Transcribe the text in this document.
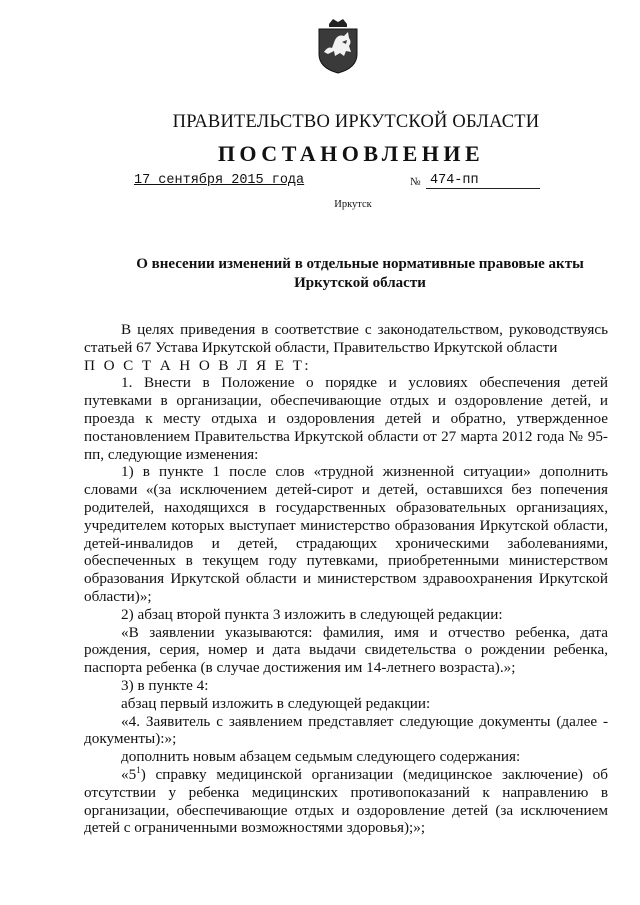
ПРАВИТЕЛЬСТВО ИРКУТСКОЙ ОБЛАСТИ
ПОСТАНОВЛЕНИЕ
17 сентября 2015 года	№ 474-пп
Иркутск
О внесении изменений в отдельные нормативные правовые акты
Иркутской области

В целях приведения в соответствие с законодательством, руководствуясь статьей 67 Устава Иркутской области, Правительство Иркутской области

П О С Т А Н О В Л Я Е Т:

1. Внести в Положение о порядке и условиях обеспечения детей путевками в организации, обеспечивающие отдых и оздоровление детей, и проезда к месту отдыха и оздоровления детей и обратно, утвержденное постановлением Правительства Иркутской области от 27 марта 2012 года № 95-пп, следующие изменения:

1) в пункте 1 после слов «трудной жизненной ситуации» дополнить словами «(за исключением детей-сирот и детей, оставшихся без попечения родителей, находящихся в государственных образовательных организациях, учредителем которых выступает министерство образования Иркутской области, детей-инвалидов и детей, страдающих хроническими заболеваниями, обеспеченных в текущем году путевками, приобретенными министерством образования Иркутской области и министерством здравоохранения Иркутской области)»;

2) абзац второй пункта 3 изложить в следующей редакции:

«В заявлении указываются: фамилия, имя и отчество ребенка, дата рождения, серия, номер и дата выдачи свидетельства о рождении ребенка, паспорта ребенка (в случае достижения им 14-летнего возраста).»;

3) в пункте 4:

абзац первый изложить в следующей редакции:

«4. Заявитель с заявлением представляет следующие документы (далее - документы):»;

дополнить новым абзацем седьмым следующего содержания:

«$5^1$) справку медицинской организации (медицинское заключение) об отсутствии у ребенка медицинских противопоказаний к направлению в организации, обеспечивающие отдых и оздоровление детей (за исключением детей с ограниченными возможностями здоровья);»;
